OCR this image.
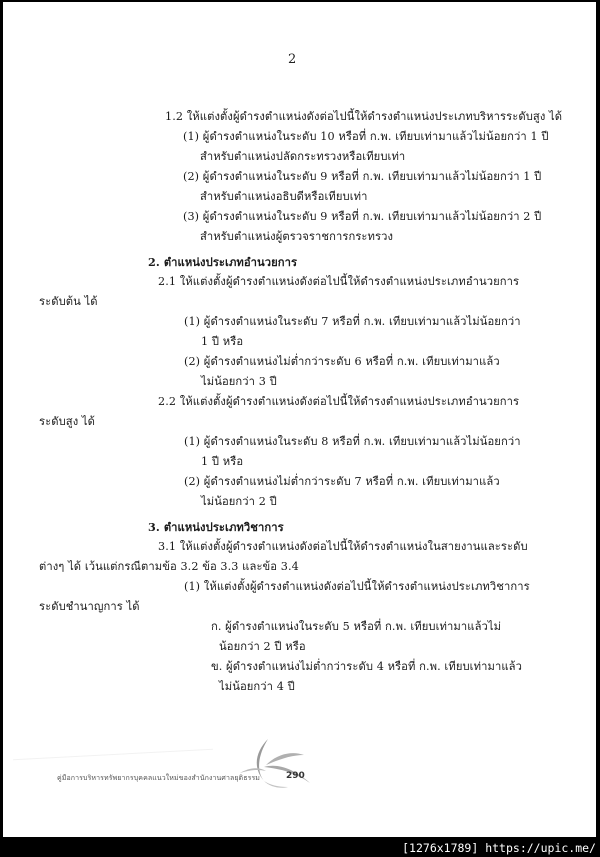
2
1.2 ให้แต่งตั้งผู้ดำรงตำแหน่งดังต่อไปนี้ให้ดำรงตำแหน่งประเภทบริหารระดับสูง ได้
(1) ผู้ดำรงตำแหน่งในระดับ 10 หรือที่ ก.พ. เทียบเท่ามาแล้วไม่น้อยกว่า 1 ปี
สำหรับตำแหน่งปลัดกระทรวงหรือเทียบเท่า
(2) ผู้ดำรงตำแหน่งในระดับ 9 หรือที่ ก.พ. เทียบเท่ามาแล้วไม่น้อยกว่า 1 ปี
สำหรับตำแหน่งอธิบดีหรือเทียบเท่า
(3) ผู้ดำรงตำแหน่งในระดับ 9 หรือที่ ก.พ. เทียบเท่ามาแล้วไม่น้อยกว่า 2 ปี
สำหรับตำแหน่งผู้ตรวจราชการกระทรวง
2. ตำแหน่งประเภทอำนวยการ
2.1 ให้แต่งตั้งผู้ดำรงตำแหน่งดังต่อไปนี้ให้ดำรงตำแหน่งประเภทอำนวยการ
ระดับต้น ได้
(1) ผู้ดำรงตำแหน่งในระดับ 7 หรือที่ ก.พ. เทียบเท่ามาแล้วไม่น้อยกว่า
1 ปี หรือ
(2) ผู้ดำรงตำแหน่งไม่ต่ำกว่าระดับ 6 หรือที่ ก.พ. เทียบเท่ามาแล้ว
ไม่น้อยกว่า 3 ปี
2.2 ให้แต่งตั้งผู้ดำรงตำแหน่งดังต่อไปนี้ให้ดำรงตำแหน่งประเภทอำนวยการ
ระดับสูง ได้
(1) ผู้ดำรงตำแหน่งในระดับ 8 หรือที่ ก.พ. เทียบเท่ามาแล้วไม่น้อยกว่า
1 ปี หรือ
(2) ผู้ดำรงตำแหน่งไม่ต่ำกว่าระดับ 7 หรือที่ ก.พ. เทียบเท่ามาแล้ว
ไม่น้อยกว่า 2 ปี
3. ตำแหน่งประเภทวิชาการ
3.1 ให้แต่งตั้งผู้ดำรงตำแหน่งดังต่อไปนี้ให้ดำรงตำแหน่งในสายงานและระดับ
ต่างๆ ได้ เว้นแต่กรณีตามข้อ 3.2 ข้อ 3.3 และข้อ 3.4
(1) ให้แต่งตั้งผู้ดำรงตำแหน่งดังต่อไปนี้ให้ดำรงตำแหน่งประเภทวิชาการ
ระดับชำนาญการ ได้
ก. ผู้ดำรงตำแหน่งในระดับ 5 หรือที่ ก.พ. เทียบเท่ามาแล้วไม่
น้อยกว่า 2 ปี หรือ
ข. ผู้ดำรงตำแหน่งไม่ต่ำกว่าระดับ 4 หรือที่ ก.พ. เทียบเท่ามาแล้ว
ไม่น้อยกว่า 4 ปี
คู่มือการบริหารทรัพยากรบุคคลแนวใหม่ของสำนักงานศาลยุติธรรม	290
[1276x1789] https://upic.me/
